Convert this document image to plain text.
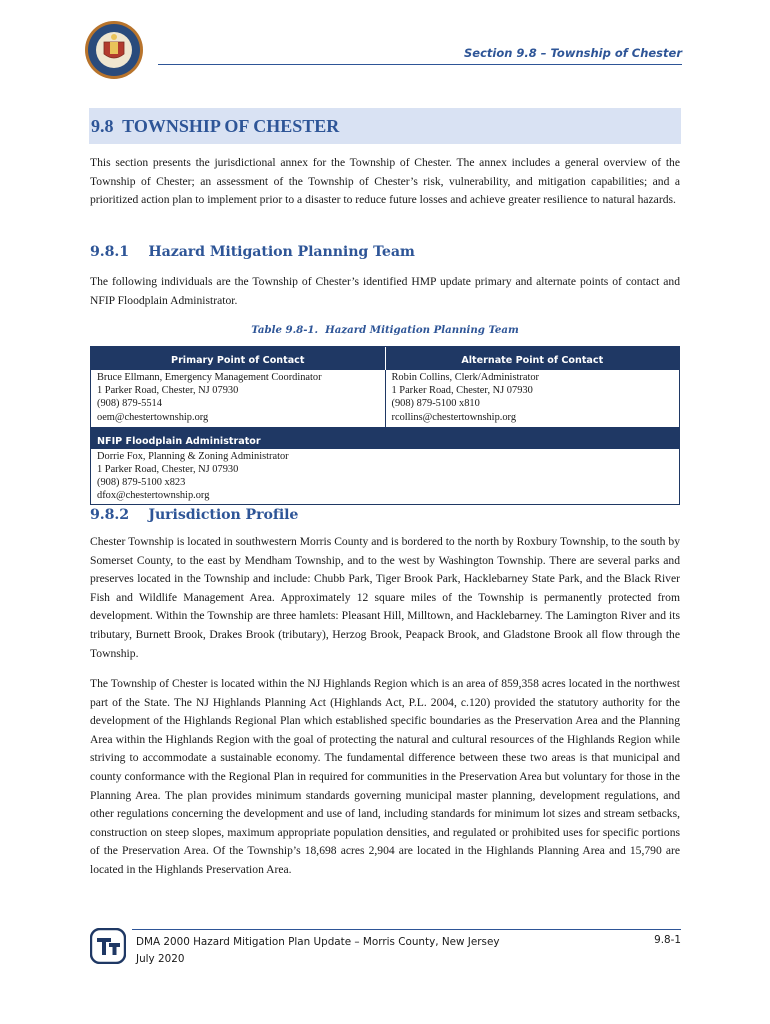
Section 9.8 – Township of Chester
9.8  TOWNSHIP OF CHESTER

This section presents the jurisdictional annex for the Township of Chester. The annex includes a general overview of the Township of Chester; an assessment of the Township of Chester’s risk, vulnerability, and mitigation capabilities; and a prioritized action plan to implement prior to a disaster to reduce future losses and achieve greater resilience to natural hazards.

9.8.1    Hazard Mitigation Planning Team

The following individuals are the Township of Chester’s identified HMP update primary and alternate points of contact and NFIP Floodplain Administrator.

Table 9.8-1.  Hazard Mitigation Planning Team
Primary Point of Contact	Alternate Point of Contact
Bruce Ellmann, Emergency Management Coordinator
1 Parker Road, Chester, NJ 07930
(908) 879-5514
oem@chestertownship.org
Robin Collins, Clerk/Administrator
1 Parker Road, Chester, NJ 07930
(908) 879-5100 x810
rcollins@chestertownship.org
NFIP Floodplain Administrator
Dorrie Fox, Planning & Zoning Administrator
1 Parker Road, Chester, NJ 07930
(908) 879-5100 x823
dfox@chestertownship.org
9.8.2    Jurisdiction Profile

Chester Township is located in southwestern Morris County and is bordered to the north by Roxbury Township, to the south by Somerset County, to the east by Mendham Township, and to the west by Washington Township. There are several parks and preserves located in the Township and include: Chubb Park, Tiger Brook Park, Hacklebarney State Park, and the Black River Fish and Wildlife Management Area. Approximately 12 square miles of the Township is permanently protected from development. Within the Township are three hamlets: Pleasant Hill, Milltown, and Hacklebarney. The Lamington River and its tributary, Burnett Brook, Drakes Brook (tributary), Herzog Brook, Peapack Brook, and Gladstone Brook all flow through the Township.

The Township of Chester is located within the NJ Highlands Region which is an area of 859,358 acres located in the northwest part of the State. The NJ Highlands Planning Act (Highlands Act, P.L. 2004, c.120) provided the statutory authority for the development of the Highlands Regional Plan which established specific boundaries as the Preservation Area and the Planning Area within the Highlands Region with the goal of protecting the natural and cultural resources of the Highlands Region while striving to accommodate a sustainable economy. The fundamental difference between these two areas is that municipal and county conformance with the Regional Plan in required for communities in the Preservation Area but voluntary for those in the Planning Area. The plan provides minimum standards governing municipal master planning, development regulations, and other regulations concerning the development and use of land, including standards for minimum lot sizes and stream setbacks, construction on steep slopes, maximum appropriate population densities, and regulated or prohibited uses for specific portions of the Preservation Area. Of the Township’s 18,698 acres 2,904 are located in the Highlands Planning Area and 15,790 are located in the Highlands Preservation Area.

DMA 2000 Hazard Mitigation Plan Update – Morris County, New Jersey
July 2020
9.8-1
